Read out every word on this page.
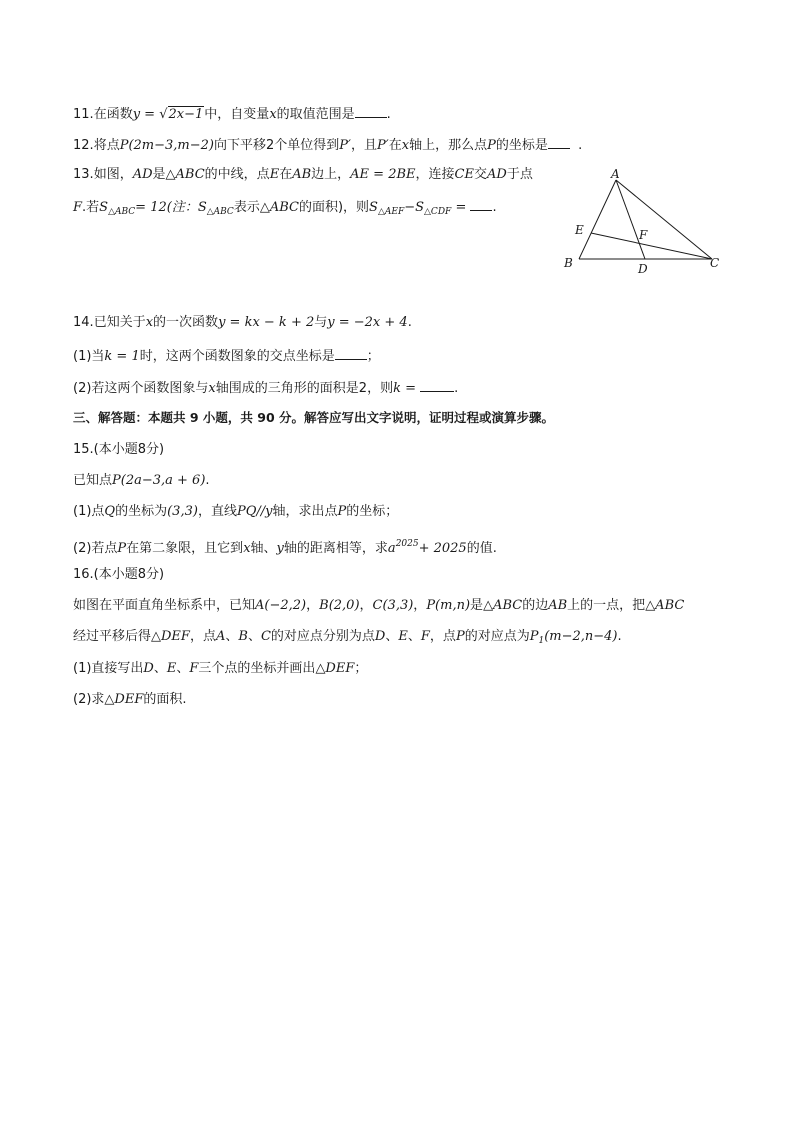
11.在函数y = √2x−1中，自变量x的取值范围是 .
12.将点P(2m−3,m−2)向下平移2个单位得到P′，且P′在x轴上，那么点P的坐标是 .
13.如图，AD是△ABC的中线，点E在AB边上，AE = 2BE，连接CE交AD于点
F.若$S_{\triangle ABC}= 12$(注：$S_{\triangle ABC}$表示△ABC的面积)，则$S_{\triangle AEF}-S_{\triangle CDF}$ = .
A
B	C
D
E	F
14.已知关于x的一次函数y = kx − k + 2与y = −2x + 4.
(1)当k = 1时，这两个函数图象的交点坐标是 ；
(2)若这两个函数图象与x轴围成的三角形的面积是2，则k =	.
三、解答题：本题共 9 小题，共 90 分。解答应写出文字说明，证明过程或演算步骤。
15.(本小题8分)
已知点P(2a−3,a + 6).
(1)点Q的坐标为(3,3)，直线PQ//y轴，求出点P的坐标；
(2)若点P在第二象限，且它到x轴、y轴的距离相等，求$a^{2025}+ 2025$的值.
16.(本小题8分)
如图在平面直角坐标系中，已知A(−2,2)，B(2,0)，C(3,3)，P(m,n)是△ABC的边AB上的一点，把△ABC
经过平移后得△DEF，点A、B、C的对应点分别为点D、E、F，点P的对应点为$P_1(m-2,n-4)$.
(1)直接写出D、E、F三个点的坐标并画出△DEF；
(2)求△DEF的面积.
